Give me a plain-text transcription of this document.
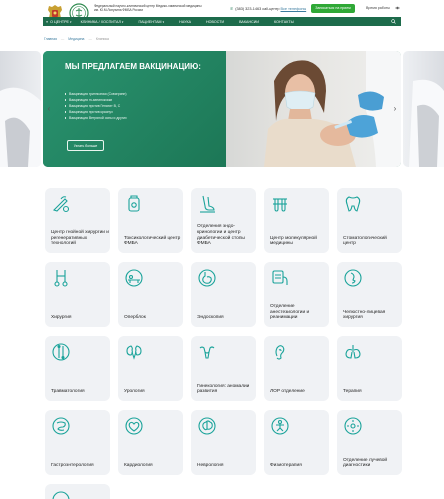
Федеральный научно-клинический центр Медико-химической медицины им. Ю.М.Лопухина ФМБА России	✆ (383) 323-1463 call-центр Все телефоны	Записаться на прием	Время работы
≡ О ЦЕНТРЕ ▾	КЛИНИКА / ХОСПИТАЛ▾	ПАЦИЕНТАМ▾	НАУКА	НОВОСТИ	ВАКАНСИИ	КОНТАКТЫ
Главная — Медицина — Клиника
МЫ ПРЕДЛАГАЕМ ВАКЦИНАЦИЮ:
Вакцинация гриппозная (Совигрипп)
Вакцинация m-аэнинококки
Вакцинация против Гепатит В, С
Вакцинация против краснух
Вакцинация Ветряной оспы и других
Узнать больше
‹	›
Центр гнойной хирургии и регенеративных технологий
Токсикологический центр ФМБА
Отделения эндо-кринологии и центр диабетической стопы ФМБА
Центр молекулярной медицины
Стоматологический центр
Хирургия	Оперблок	Эндоскопия
Отделение анестезиологии и реанимации
Челюстно-лицевая хирургия
Травматология	Урология
Гинекология: аномалии развития	ЛОР отделение	Терапия
Гастроэнтерология	Кардиология	Неврология	Физиотерапия
Отделение лучевой диагностики
